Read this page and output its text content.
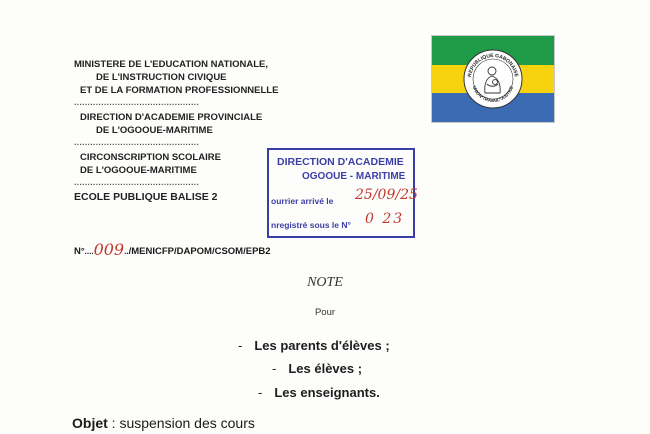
MINISTERE DE L'EDUCATION NATIONALE,
DE L'INSTRUCTION CIVIQUE
ET DE LA FORMATION PROFESSIONNELLE
..............................................
DIRECTION D'ACADEMIE PROVINCIALE
DE L'OGOOUE-MARITIME
..............................................
CIRCONSCRIPTION SCOLAIRE
DE L'OGOOUE-MARITIME
..............................................
ECOLE PUBLIQUE BALISE 2
REPUBLIQUE GABONAISE
UNION*TRAVAIL*JUSTICE
DIRECTION D'ACADEMIE
OGOOUE - MARITIME
ourrier arrivé le 25/09/25
nregistré sous le N° 0 23
N°....009../MENICFP/DAPOM/CSOM/EPB2
NOTE
Pour
- Les parents d'élèves ;
- Les élèves ;
- Les enseignants.
Objet : suspension des cours
